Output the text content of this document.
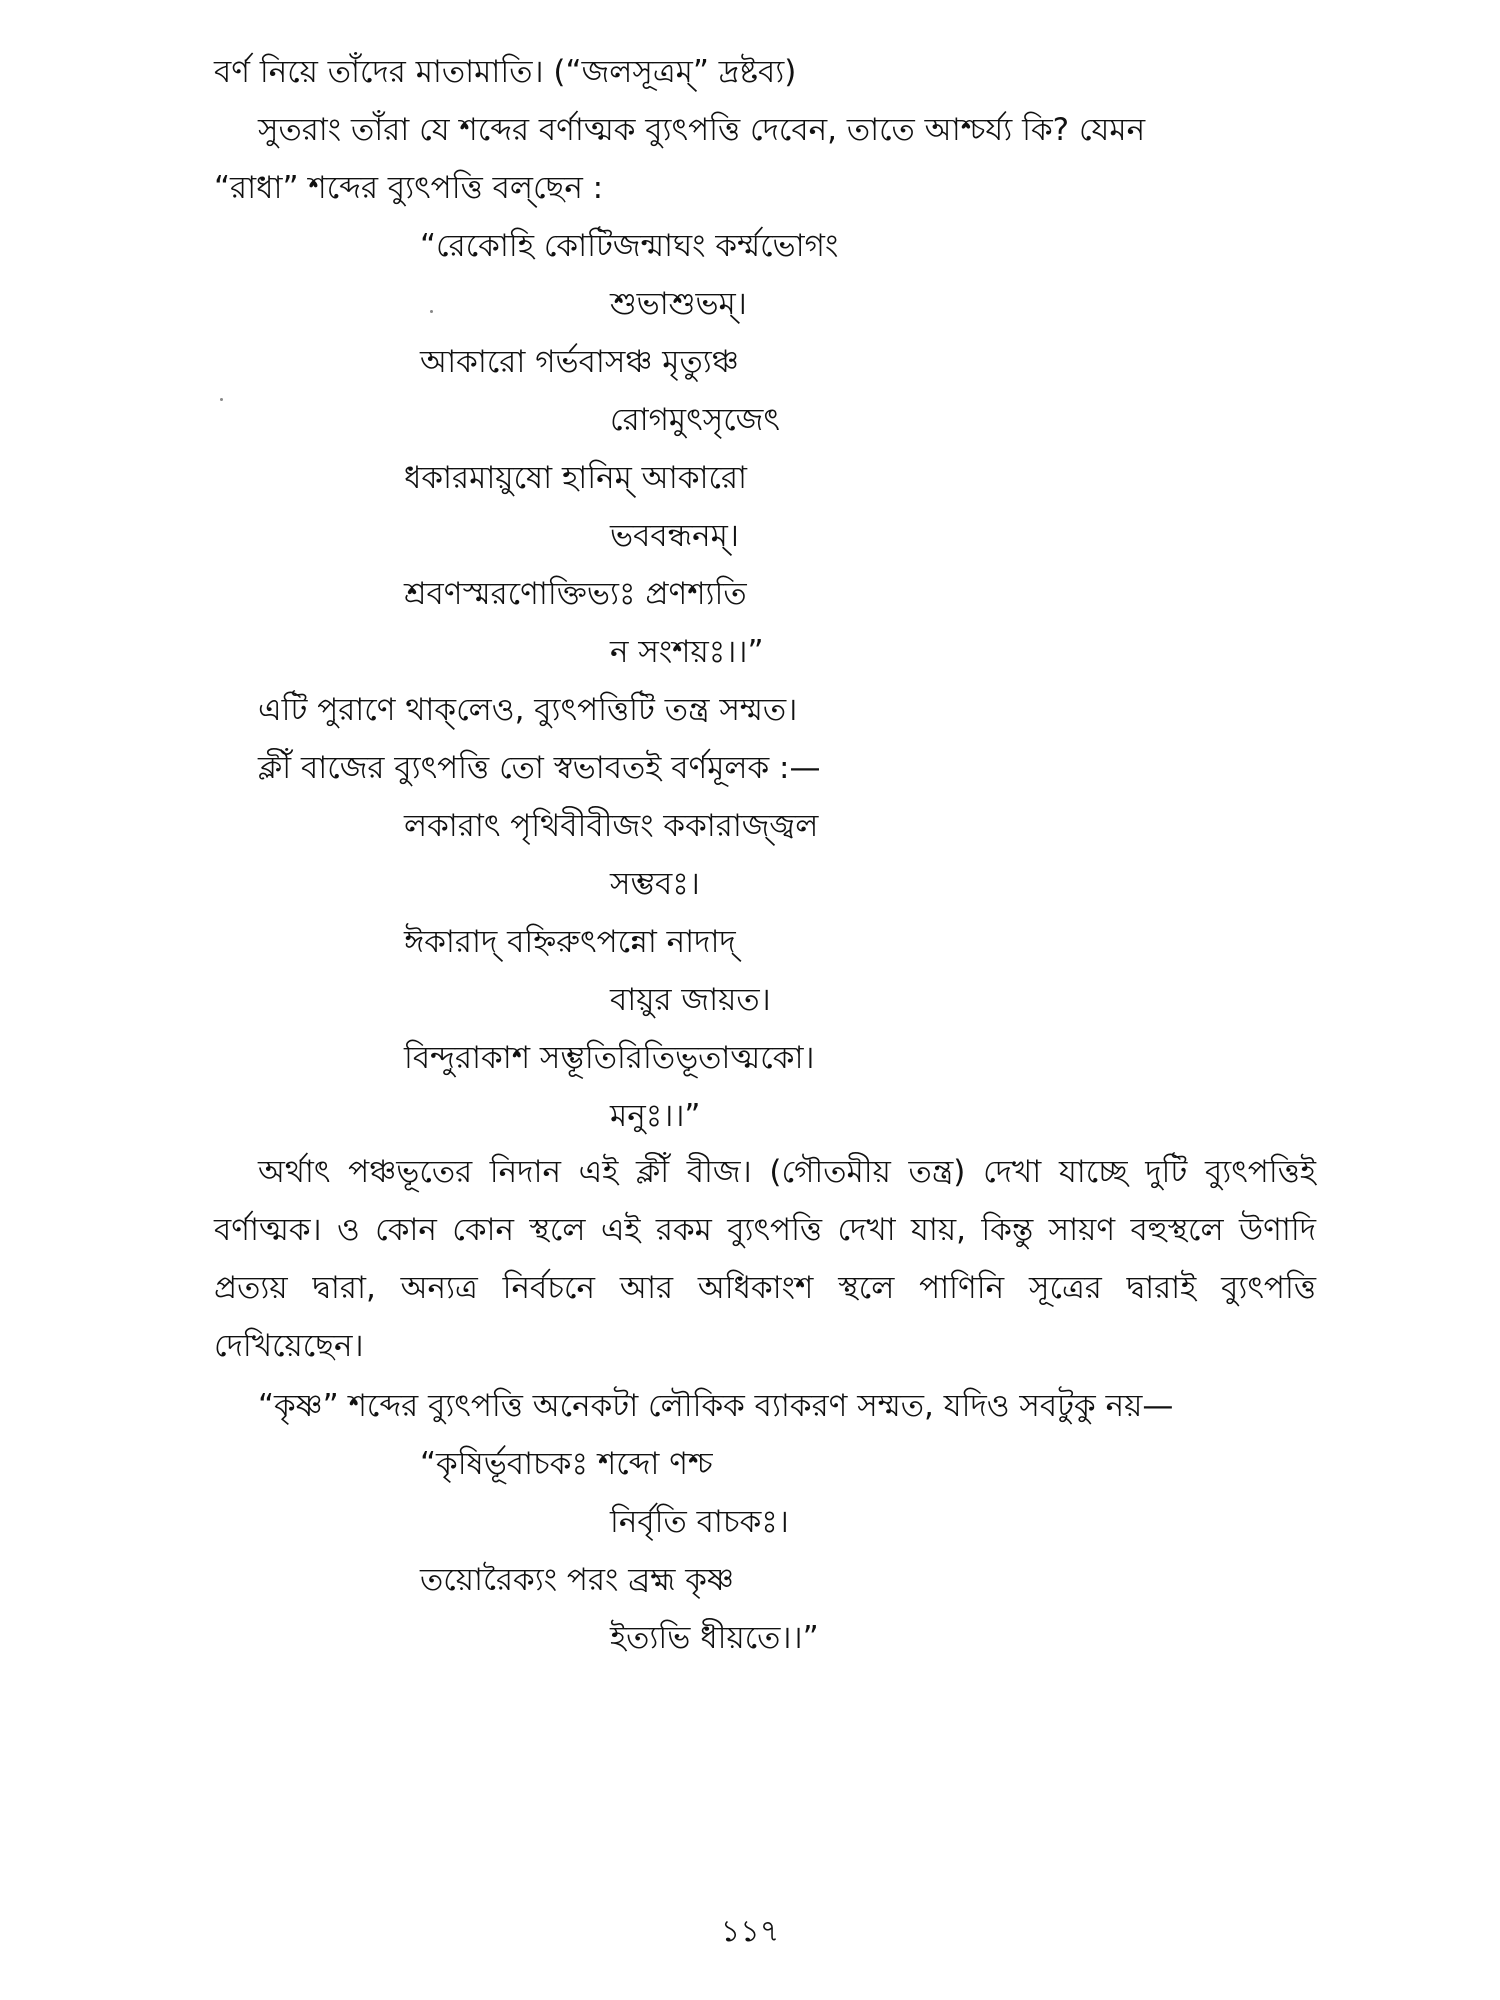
বর্ণ নিয়ে তাঁদের মাতামাতি। (“জলসূত্রম্” দ্রষ্টব্য)
সুতরাং তাঁরা যে শব্দের বর্ণাত্মক ব্যুৎপত্তি দেবেন, তাতে আশ্চর্য্য কি? যেমন
“রাধা” শব্দের ব্যুৎপত্তি বল্‌ছেন :
“রেকোহি কোটিজন্মাঘং কর্ম্মভোগং
শুভাশুভম্।
আকারো গর্ভবাসঞ্চ মৃত্যুঞ্চ
রোগমুৎসৃজেৎ
ধকারমায়ুষো হানিম্ আকারো
ভববন্ধনম্।
শ্রবণস্মরণোক্তিভ্যঃ প্রণশ্যতি
ন সংশয়ঃ।।”
এটি পুরাণে থাক্‌লেও, ব্যুৎপত্তিটি তন্ত্র সম্মত।
ক্লীঁ বাজের ব্যুৎপত্তি তো স্বভাবতই বর্ণমূলক :—
লকারাৎ পৃথিবীবীজং ককারাজ্জ্বল
সম্ভবঃ।
ঈকারাদ্ বহ্নিরুৎপন্নো নাদাদ্
বায়ুর জায়ত।
বিন্দুরাকাশ সম্ভূতিরিতিভূতাত্মকো।
মনুঃ।।”
অর্থাৎ পঞ্চভূতের নিদান এই ক্লীঁ বীজ। (গৌতমীয় তন্ত্র) দেখা যাচ্ছে দুটি ব্যুৎপত্তিই বর্ণাত্মক। ও কোন কোন স্থলে এই রকম ব্যুৎপত্তি দেখা যায়, কিন্তু সায়ণ বহুস্থলে উণাদি প্রত্যয় দ্বারা, অন্যত্র নির্বচনে আর অধিকাংশ স্থলে পাণিনি সূত্রের দ্বারাই ব্যুৎপত্তি দেখিয়েছেন।
“কৃষ্ণ” শব্দের ব্যুৎপত্তি অনেকটা লৌকিক ব্যাকরণ সম্মত, যদিও সবটুকু নয়—
“কৃষির্ভূবাচকঃ শব্দো ণশ্চ
নির্বৃতি বাচকঃ।
তয়োরৈক্যং পরং ব্রহ্ম কৃষ্ণ
ইত্যভি ধীয়তে।।”
১১৭
